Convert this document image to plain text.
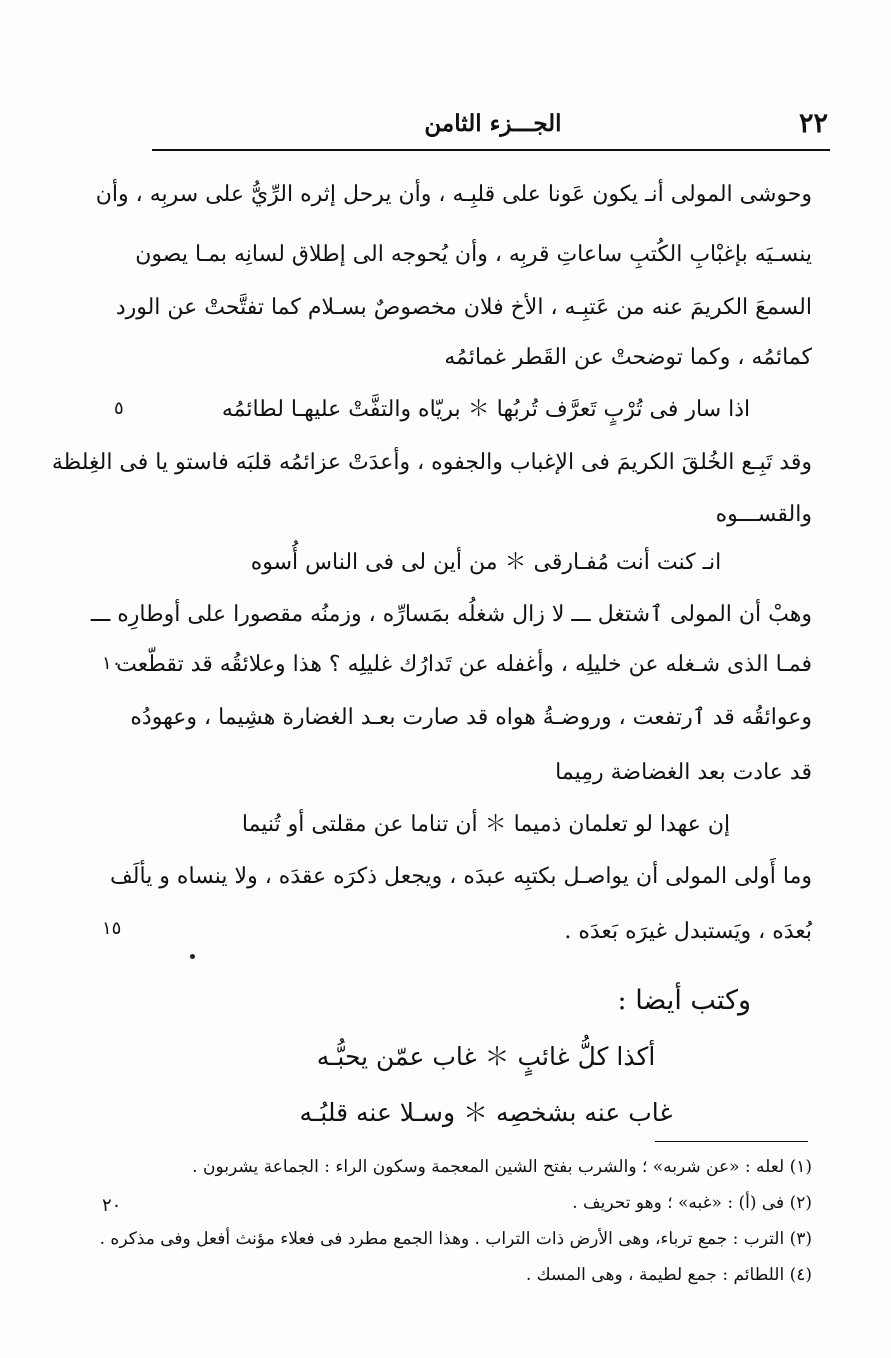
٢٢
الجـــزء الثامن
وحوشى المولى أنـ يكون عَونا على قلبِـه ، وأن يرحل إثره الرِّيُّ على سربِه ، وأن
ينسـيَه بإغبْابِ الكُتبِ ساعاتِ قربِه ، وأن يُحوجه الى إطلاق لسانِه بمـا يصون
السمعَ الكريمَ عنه من عَتبِـه ، الأخ فلان مخصوصٌ بسـلام كما تفتَّحتْ عن الورد
كمائمُه ، وكما توضحتْ عن القَطر غمائمُه
اذا سار فى تُرْبٍ تَعرَّف تُربُها ＊ بريّاه والتفَّتْ عليهـا لطائمُه
وقد تَبِـع الخُلقَ الكريمَ فى الإغباب والجفوه ، وأعدَتْ عزائمُه قلبَه فاستو يا فى الغِلظة
والقســـوه
انـ كنت أنت مُفـارقى ＊ من أين لى فى الناس أُسوه
وهبْ أن المولى ٱشتغل ـــ لا زال شغلُه بمَسارِّه ، وزمنُه مقصورا على أوطارِه ـــ
فمـا الذى شـغله عن خليلِه ، وأغفله عن تَدارُك غليلِه ؟ هذا وعلائقُه قد تقطّعت
وعوائقُه قد ٱرتفعت ، وروضـةُ هواه قد صارت بعـد الغضارة هشِيما ، وعهودُه
قد عادت بعد الغضاضة رمِيما
إن عهدا لو تعلمان ذميما ＊ أن تناما عن مقلتى أو تُنيما
وما أَولى المولى أن يواصـل بكتبِه عبدَه ، ويجعل ذكرَه عقدَه ، ولا ينساه و يألَف
بُعدَه ، ويَستبدل غيرَه بَعدَه .
وكتب أيضا :
أكذا كلُّ غائبٍ ＊ غاب عمّن يحبُّـه
غاب عنه بشخصِه ＊ وسـلا عنه قلبُـه
٥
١٠
١٥
٢٠
(١) لعله : «عن شربه» ؛ والشرب بفتح الشين المعجمة وسكون الراء : الجماعة يشربون .
(٢) فى (أ) : «غبه» ؛ وهو تحريف .
(٣) الترب : جمع ترباء، وهى الأرض ذات التراب . وهذا الجمع مطرد فى فعلاء مؤنث أفعل وفى مذكره .
(٤) اللطائم : جمع لطيمة ، وهى المسك .
